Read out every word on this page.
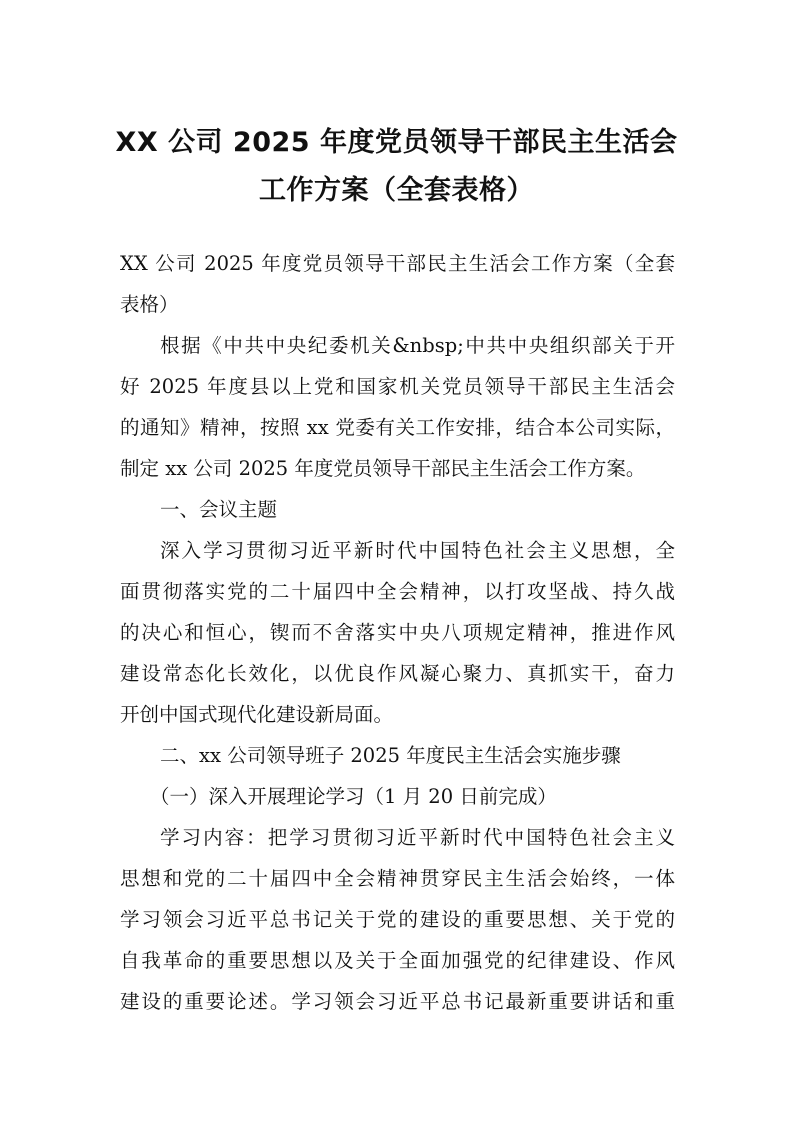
XX 公司 2025 年度党员领导干部民主生活会
工作方案（全套表格）

XX 公司 2025 年度党员领导干部民主生活会工作方案（全套

表格）

根据《中共中央纪委机关&nbsp;中共中央组织部关于开

好 2025 年度县以上党和国家机关党员领导干部民主生活会

的通知》精神，按照 xx 党委有关工作安排，结合本公司实际，

制定 xx 公司 2025 年度党员领导干部民主生活会工作方案。

一、会议主题

深入学习贯彻习近平新时代中国特色社会主义思想，全

面贯彻落实党的二十届四中全会精神，以打攻坚战、持久战

的决心和恒心，锲而不舍落实中央八项规定精神，推进作风

建设常态化长效化，以优良作风凝心聚力、真抓实干，奋力

开创中国式现代化建设新局面。

二、xx 公司领导班子 2025 年度民主生活会实施步骤

（一）深入开展理论学习（1 月 20 日前完成）

学习内容：把学习贯彻习近平新时代中国特色社会主义

思想和党的二十届四中全会精神贯穿民主生活会始终，一体

学习领会习近平总书记关于党的建设的重要思想、关于党的

自我革命的重要思想以及关于全面加强党的纪律建设、作风

建设的重要论述。学习领会习近平总书记最新重要讲话和重
